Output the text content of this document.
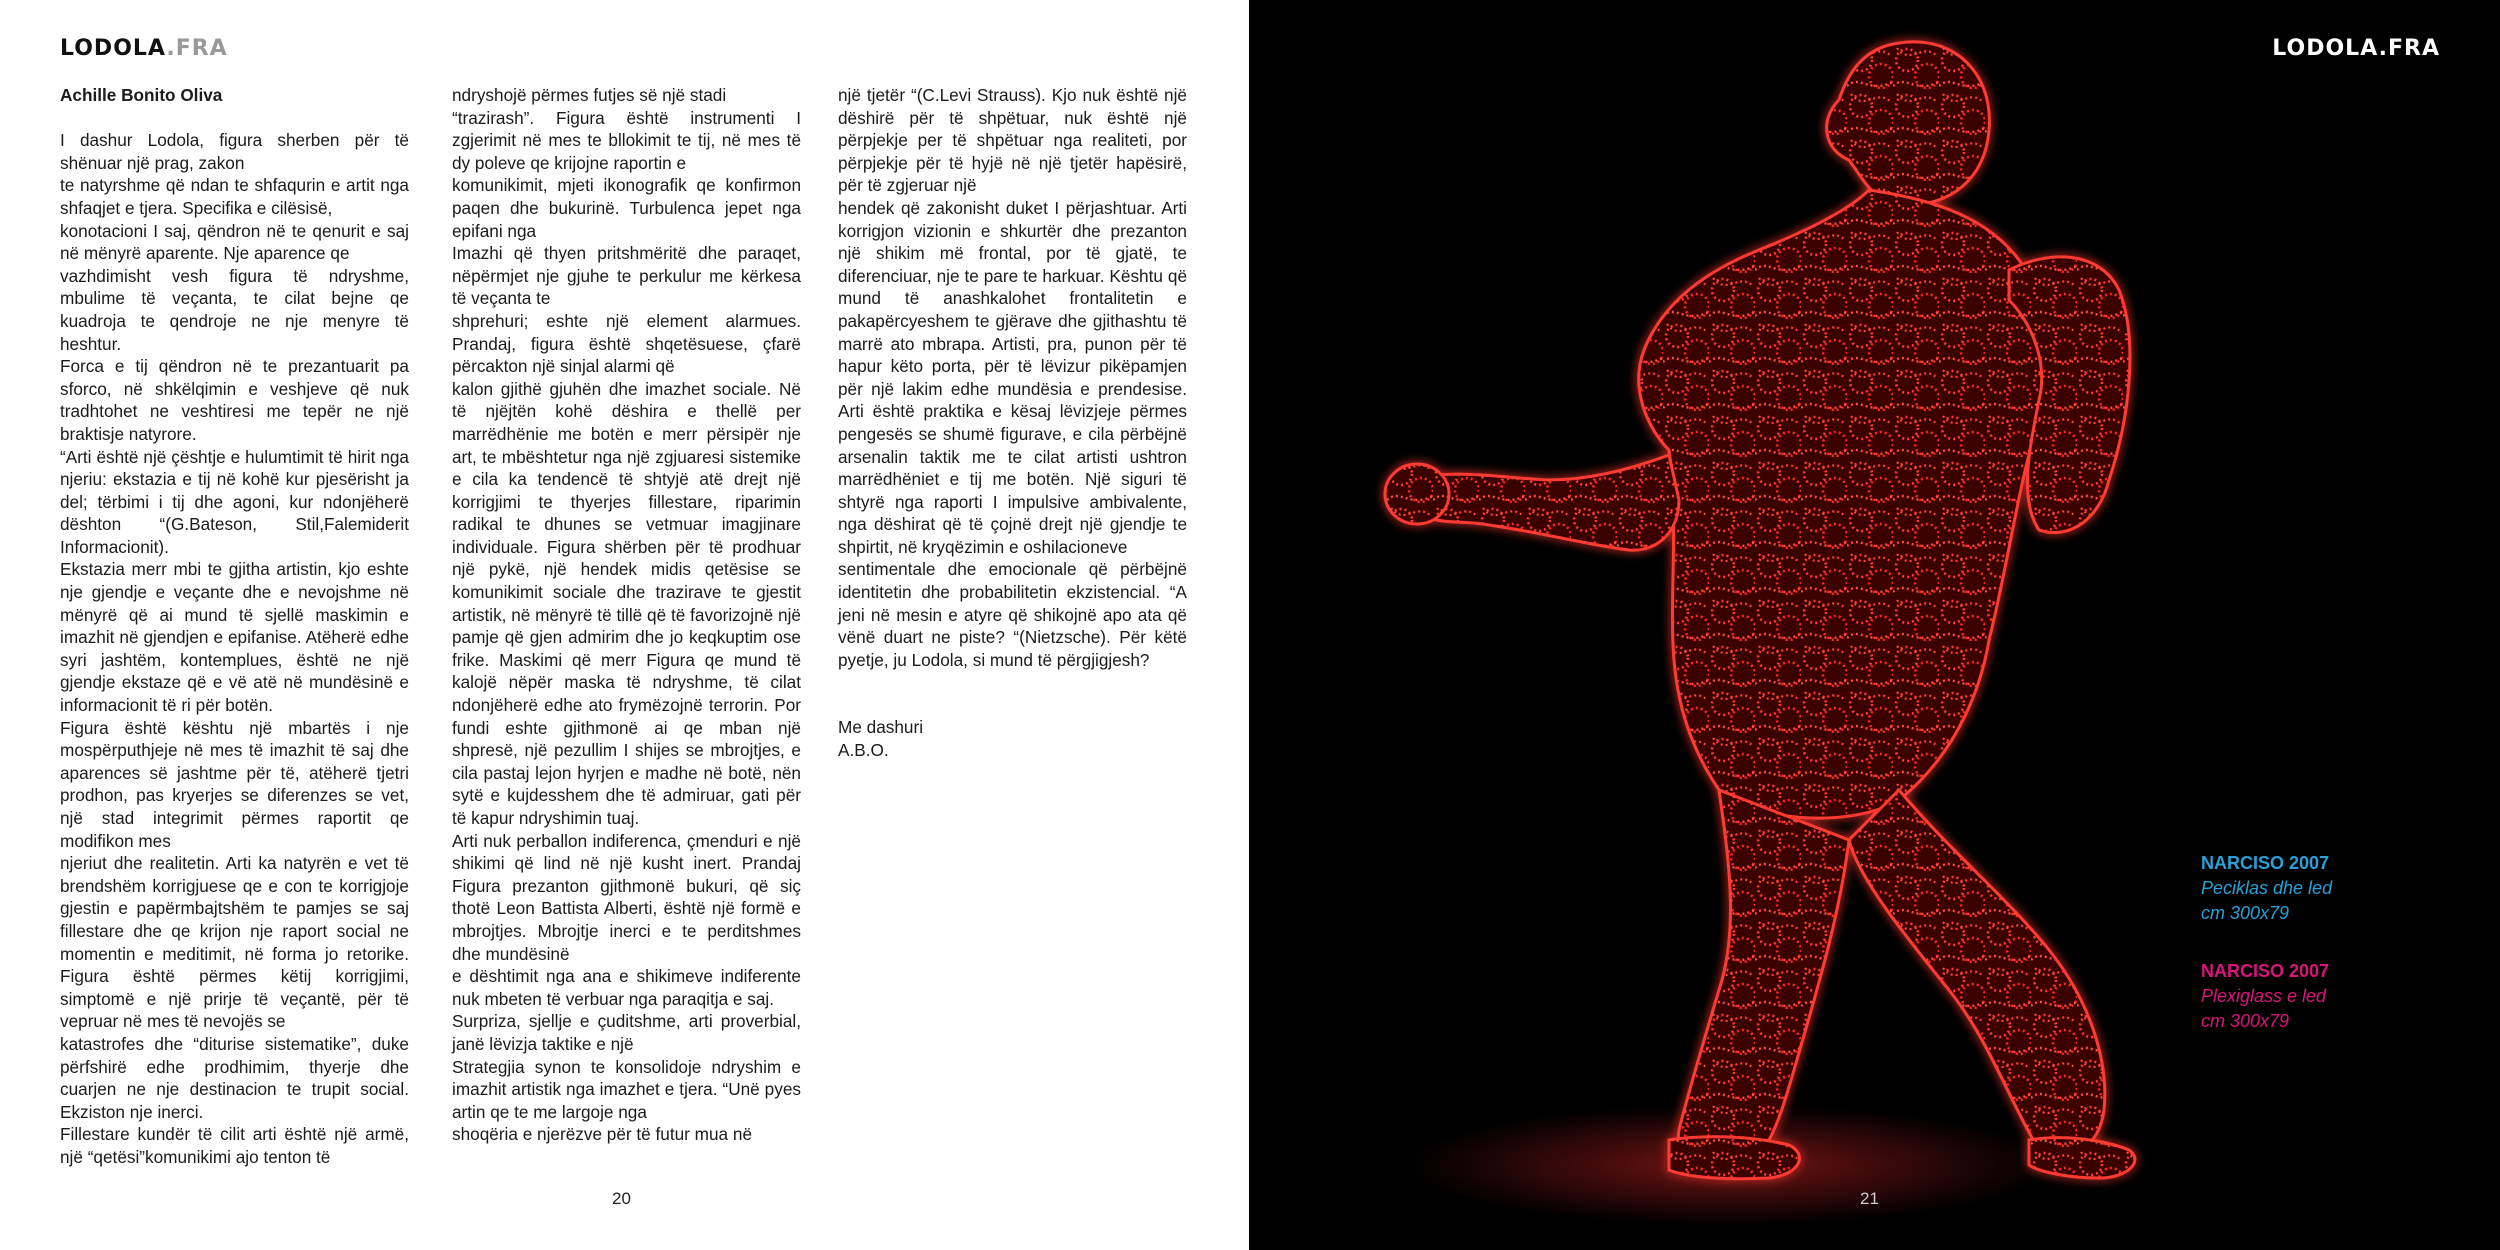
LODOLA.FRA

Achille Bonito Oliva

I dashur Lodola, figura sherben për të shënuar një prag, zakon

te natyrshme që ndan te shfaqurin e artit nga shfaqjet e tjera. Specifika e cilësisë,

konotacioni I saj, qëndron në te qenurit e saj në mënyrë aparente. Nje aparence qe

vazhdimisht vesh figura të ndryshme, mbulime të veçanta, te cilat bejne qe kuadroja te qendroje ne nje menyre të heshtur.

Forca e tij qëndron në te prezantuarit pa sforco, në shkëlqimin e veshjeve që nuk tradhtohet ne veshtiresi me tepër ne një braktisje natyrore.

“Arti është një çështje e hulumtimit të hirit nga njeriu: ekstazia e tij në kohë kur pjesërisht ja del; tërbimi i tij dhe agoni, kur ndonjëherë dështon “(G.Bateson, Stil,Falemiderit Informacionit).

Ekstazia merr mbi te gjitha artistin, kjo eshte nje gjendje e veçante dhe e nevojshme në mënyrë që ai mund të sjellë maskimin e imazhit në gjendjen e epifanise. Atëherë edhe syri jashtëm, kontemplues, është ne një gjendje ekstaze që e vë atë në mundësinë e informacionit të ri për botën.

Figura është kështu një mbartës i nje mospërputhjeje në mes të imazhit të saj dhe aparences së jashtme për të, atëherë tjetri prodhon, pas kryerjes se diferenzes se vet, një stad integrimit përmes raportit qe modifikon mes

njeriut dhe realitetin. Arti ka natyrën e vet të brendshëm korrigjuese qe e con te korrigjoje gjestin e papërmbajtshëm te pamjes se saj fillestare dhe qe krijon nje raport social ne momentin e meditimit, në forma jo retorike. Figura është përmes këtij korrigjimi, simptomë e një prirje të veçantë, për të vepruar në mes të nevojës se

katastrofes dhe “diturise sistematike”, duke përfshirë edhe prodhimim, thyerje dhe cuarjen ne nje destinacion te trupit social. Ekziston nje inerci.

Fillestare kundër të cilit arti është një armë, një “qetësi”komunikimi ajo tenton të

ndryshojë përmes futjes së një stadi

“trazirash”. Figura është instrumenti I zgjerimit në mes te bllokimit te tij, në mes të dy poleve qe krijojne raportin e

komunikimit, mjeti ikonografik qe konfirmon paqen dhe bukurinë. Turbulenca jepet nga epifani nga

Imazhi që thyen pritshmëritë dhe paraqet, nëpërmjet nje gjuhe te perkulur me kërkesa të veçanta te

shprehuri; eshte një element alarmues. Prandaj, figura është shqetësuese, çfarë përcakton një sinjal alarmi që

kalon gjithë gjuhën dhe imazhet sociale. Në të njëjtën kohë dëshira e thellë per marrëdhënie me botën e merr përsipër nje art, te mbështetur nga një zgjuaresi sistemike e cila ka tendencë të shtyjë atë drejt një korrigjimi te thyerjes fillestare, riparimin radikal te dhunes se vetmuar imagjinare individuale. Figura shërben për të prodhuar një pykë, një hendek midis qetësise se komunikimit sociale dhe trazirave te gjestit artistik, në mënyrë të tillë që të favorizojnë një pamje që gjen admirim dhe jo keqkuptim ose frike. Maskimi që merr Figura qe mund të kalojë nëpër maska të ndryshme, të cilat ndonjëherë edhe ato frymëzojnë terrorin. Por fundi eshte gjithmonë ai qe mban një shpresë, një pezullim I shijes se mbrojtjes, e cila pastaj lejon hyrjen e madhe në botë, nën sytë e kujdesshem dhe të admiruar, gati për të kapur ndryshimin tuaj.

Arti nuk perballon indiferenca, çmenduri e një shikimi që lind në një kusht inert. Prandaj Figura prezanton gjithmonë bukuri, që siç thotë Leon Battista Alberti, është një formë e mbrojtjes. Mbrojtje inerci e te perditshmes dhe mundësinë

e dështimit nga ana e shikimeve indiferente nuk mbeten të verbuar nga paraqitja e saj.

Surpriza, sjellje e çuditshme, arti proverbial, janë lëvizja taktike e një

Strategjia synon te konsolidoje ndryshim e imazhit artistik nga imazhet e tjera. “Unë pyes artin qe te me largoje nga

shoqëria e njerëzve për të futur mua në

një tjetër “(C.Levi Strauss). Kjo nuk është një dëshirë për të shpëtuar, nuk është një përpjekje per të shpëtuar nga realiteti, por përpjekje për të hyjë në një tjetër hapësirë, për të zgjeruar një

hendek që zakonisht duket I përjashtuar. Arti korrigjon vizionin e shkurtër dhe prezanton një shikim më frontal, por të gjatë, te diferenciuar, nje te pare te harkuar. Kështu që mund të anashkalohet frontalitetin e pakapërcyeshem te gjërave dhe gjithashtu të marrë ato mbrapa. Artisti, pra, punon për të hapur këto porta, për të lëvizur pikëpamjen për një lakim edhe mundësia e prendesise. Arti është praktika e kësaj lëvizjeje përmes pengesës se shumë figurave, e cila përbëjnë arsenalin taktik me te cilat artisti ushtron marrëdhëniet e tij me botën. Një siguri të shtyrë nga raporti I impulsive ambivalente, nga dëshirat që të çojnë drejt një gjendje te shpirtit, në kryqëzimin e oshilacioneve

sentimentale dhe emocionale që përbëjnë identitetin dhe probabilitetin ekzistencial. “A jeni në mesin e atyre që shikojnë apo ata që vënë duart ne piste? “(Nietzsche). Për këtë pyetje, ju Lodola, si mund të përgjigjesh?

Me dashuri

A.B.O.

20
LODOLA.FRA
NARCISO 2007
Peciklas dhe led
cm 300x79
NARCISO 2007
Plexiglass e led
cm 300x79
21
